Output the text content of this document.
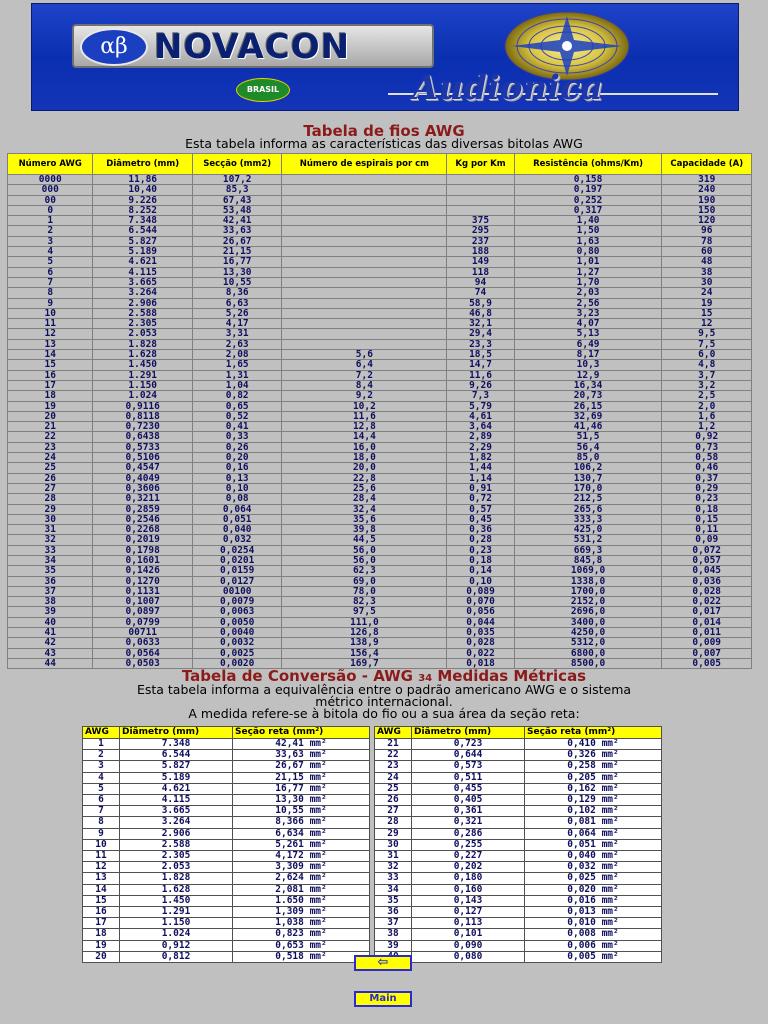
αβ NOVACON
BRASIL	Audionica
Tabela de fios AWG
Esta tabela informa as características das diversas bitolas AWG
Número AWG	Diâmetro (mm)	Secção (mm2)	Número de espirais por cm	Kg por Km	Resistência (ohms/Km)	Capacidade (A)
0000	11,86	107,2			0,158	319
000	10,40	85,3			0,197	240
00	9.226	67,43			0,252	190
0	8.252	53,48			0,317	150
1	7.348	42,41		375	1,40	120
2	6.544	33,63		295	1,50	96
3	5.827	26,67		237	1,63	78
4	5.189	21,15		188	0,80	60
5	4.621	16,77		149	1,01	48
6	4.115	13,30		118	1,27	38
7	3.665	10,55		94	1,70	30
8	3.264	8,36		74	2,03	24
9	2.906	6,63		58,9	2,56	19
10	2.588	5,26		46,8	3,23	15
11	2.305	4,17		32,1	4,07	12
12	2.053	3,31		29,4	5,13	9,5
13	1.828	2,63		23,3	6,49	7,5
14	1.628	2,08	5,6	18,5	8,17	6,0
15	1.450	1,65	6,4	14,7	10,3	4,8
16	1.291	1,31	7,2	11,6	12,9	3,7
17	1.150	1,04	8,4	9,26	16,34	3,2
18	1.024	0,82	9,2	7,3	20,73	2,5
19	0,9116	0,65	10,2	5,79	26,15	2,0
20	0,8118	0,52	11,6	4,61	32,69	1,6
21	0,7230	0,41	12,8	3,64	41,46	1,2
22	0,6438	0,33	14,4	2,89	51,5	0,92
23	0,5733	0,26	16,0	2,29	56,4	0,73
24	0,5106	0,20	18,0	1,82	85,0	0,58
25	0,4547	0,16	20,0	1,44	106,2	0,46
26	0,4049	0,13	22,8	1,14	130,7	0,37
27	0,3606	0,10	25,6	0,91	170,0	0,29
28	0,3211	0,08	28,4	0,72	212,5	0,23
29	0,2859	0,064	32,4	0,57	265,6	0,18
30	0,2546	0,051	35,6	0,45	333,3	0,15
31	0,2268	0,040	39,8	0,36	425,0	0,11
32	0,2019	0,032	44,5	0,28	531,2	0,09
33	0,1798	0,0254	56,0	0,23	669,3	0,072
34	0,1601	0,0201	56,0	0,18	845,8	0,057
35	0,1426	0,0159	62,3	0,14	1069,0	0,045
36	0,1270	0,0127	69,0	0,10	1338,0	0,036
37	0,1131	00100	78,0	0,089	1700,0	0,028
38	0,1007	0,0079	82,3	0,070	2152,0	0,022
39	0,0897	0,0063	97,5	0,056	2696,0	0,017
40	0,0799	0,0050	111,0	0,044	3400,0	0,014
41	00711	0,0040	126,8	0,035	4250,0	0,011
42	0,0633	0,0032	138,9	0,028	5312,0	0,009
43	0,0564	0,0025	156,4	0,022	6800,0	0,007
44	0,0503	0,0020	169,7	0,018	8500,0	0,005
Tabela de Conversão - AWG 34 Medidas Métricas
Esta tabela informa a equivalência entre o padrão americano AWG e o sistema
métrico internacional.
A medida refere-se à bitola do fio ou a sua área da seção reta:
AWG	Diâmetro (mm)	Seção reta (mm²)
1	7.348	42,41 mm²
2	6.544	33,63 mm²
3	5.827	26,67 mm²
4	5.189	21,15 mm²
5	4.621	16,77 mm²
6	4.115	13,30 mm²
7	3.665	10,55 mm²
8	3.264	8,366 mm²
9	2.906	6,634 mm²
10	2.588	5,261 mm²
11	2.305	4,172 mm²
12	2.053	3,309 mm²
13	1.828	2,624 mm²
14	1.628	2,081 mm²
15	1.450	1.650 mm²
16	1.291	1,309 mm²
17	1.150	1,038 mm²
18	1.024	0,823 mm²
19	0,912	0,653 mm²
20	0,812	0,518 mm²
AWG	Diâmetro (mm)	Seção reta (mm²)
21	0,723	0,410 mm²
22	0,644	0,326 mm²
23	0,573	0,258 mm²
24	0,511	0,205 mm²
25	0,455	0,162 mm²
26	0,405	0,129 mm²
27	0,361	0,102 mm²
28	0,321	0,081 mm²
29	0,286	0,064 mm²
30	0,255	0,051 mm²
31	0,227	0,040 mm²
32	0,202	0,032 mm²
33	0,180	0,025 mm²
34	0,160	0,020 mm²
35	0,143	0,016 mm²
36	0,127	0,013 mm²
37	0,113	0,010 mm²
38	0,101	0,008 mm²
39	0,090	0,006 mm²
	0,080	0,005 mm²
⇦
Main
